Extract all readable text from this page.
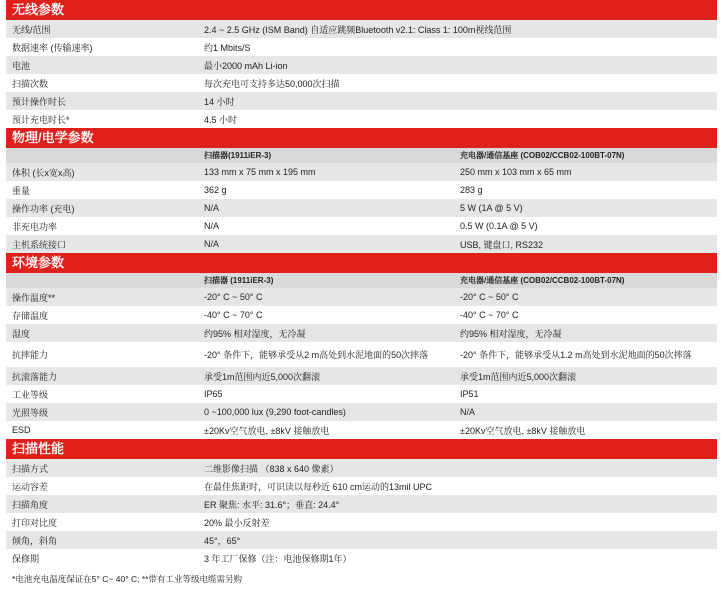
无线参数
无线/范围	2.4 ~ 2.5 GHz (ISM Band) 自适应跳频Bluetooth v2.1: Class 1: 100m视线范围
数据速率 (传输速率)	约1 Mbits/S
电池	最小2000 mAh Li-ion
扫描次数	每次充电可支持多达50,000次扫描
预计操作时长	14 小时
预计充电时长*	4.5 小时
物理/电学参数
	扫描器(1911iER-3)	充电器/通信基座 (COB02/CCB02-100BT-07N)
体积 (长x宽x高)	133 mm x 75 mm x 195 mm	250 mm x 103 mm x 65 mm
重量	362 g	283 g
操作功率 (充电)	N/A	5 W (1A @ 5 V)
非充电功率	N/A	0.5 W (0.1A @ 5 V)
主机系统接口	N/A	USB, 键盘口, RS232
环境参数
	扫描器 (1911iER-3)	充电器/通信基座 (COB02/CCB02-100BT-07N)
操作温度**	-20° C ~ 50° C	-20° C ~ 50° C
存储温度	-40° C ~ 70° C	-40° C ~ 70° C
湿度	约95% 相对湿度，无冷凝	约95% 相对湿度，无冷凝
抗摔能力	-20° 条件下，能够承受从2 m高处到水泥地面的50次摔落	-20° 条件下，能够承受从1.2 m高处到水泥地面的50次摔落
抗滚落能力	承受1m范围内近5,000次翻滚	承受1m范围内近5,000次翻滚
工业等级	IP65	IP51
光照等级	0 ~100,000 lux (9,290 foot-candles)	N/A
ESD	±20Kv空气放电, ±8kV 接触放电	±20Kv空气放电, ±8kV 接触放电
扫描性能
扫描方式	二维影像扫描 （838 x 640 像素）
运动容差	在最佳焦距时，可识读以每秒近 610 cm运动的13mil UPC
扫描角度	ER 聚焦: 水平: 31.6°；垂直: 24.4°
打印对比度	20% 最小反射差
倾角，斜角	45°，65°
保修期	3 年工厂保修（注：电池保修期1年）
*电池充电温度保证在5° C~ 40° C; **带有工业等级电缆需另购
